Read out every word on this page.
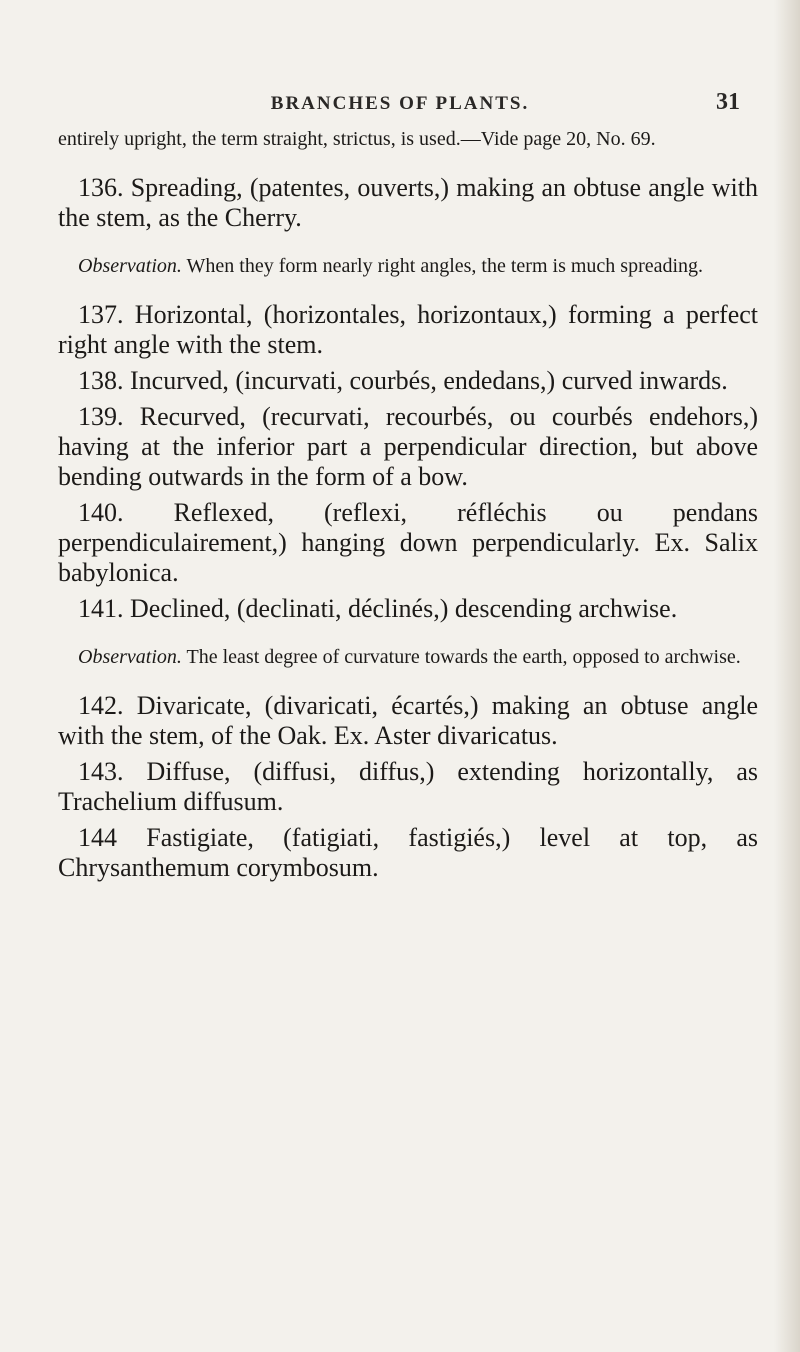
BRANCHES OF PLANTS.	31

entirely upright, the term straight, strictus, is used.—Vide page 20, No. 69.

136. Spreading, (patentes, ouverts,) making an obtuse angle with the stem, as the Cherry.

Observation. When they form nearly right angles, the term is much spreading.

137. Horizontal, (horizontales, horizontaux,) forming a perfect right angle with the stem.

138. Incurved, (incurvati, courbés, endedans,) curved inwards.

139. Recurved, (recurvati, recourbés, ou courbés endehors,) having at the inferior part a perpendicular direction, but above bending outwards in the form of a bow.

140. Reflexed, (reflexi, réfléchis ou pendans perpendiculairement,) hanging down perpendicularly. Ex. Salix babylonica.

141. Declined, (declinati, déclinés,) descending archwise.

Observation. The least degree of curvature towards the earth, opposed to archwise.

142. Divaricate, (divaricati, écartés,) making an obtuse angle with the stem, of the Oak. Ex. Aster divaricatus.

143. Diffuse, (diffusi, diffus,) extending horizontally, as Trachelium diffusum.

144 Fastigiate, (fatigiati, fastigiés,) level at top, as Chrysanthemum corymbosum.
